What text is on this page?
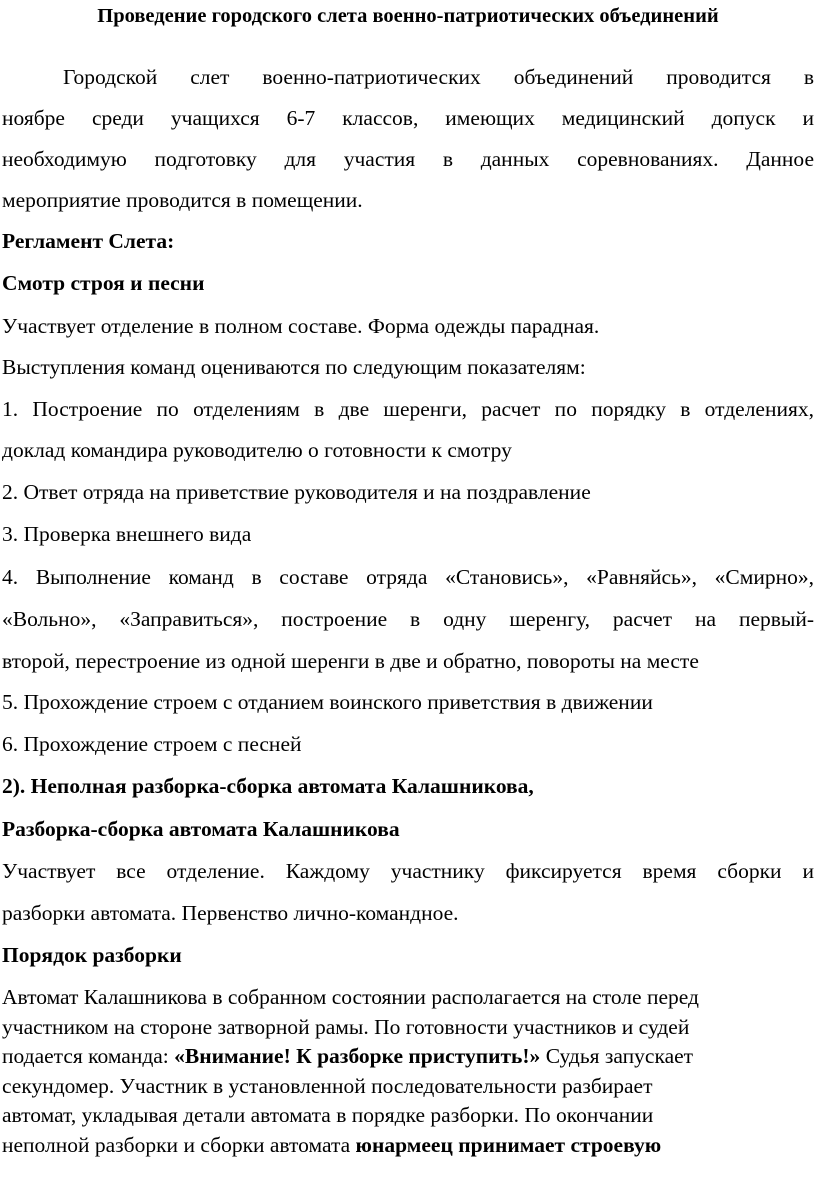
Проведение городского слета военно-патриотических объединений
Городской слет военно-патриотических объединений проводится в
ноябре среди учащихся 6-7 классов, имеющих медицинский допуск и
необходимую подготовку для участия в данных соревнованиях. Данное
мероприятие проводится в помещении.
Регламент Слета:
Смотр строя и песни
Участвует отделение в полном составе. Форма одежды парадная.
Выступления команд оцениваются по следующим показателям:
1. Построение по отделениям в две шеренги, расчет по порядку в отделениях,
доклад командира руководителю о готовности к смотру
2. Ответ отряда на приветствие руководителя и на поздравление
3. Проверка внешнего вида
4. Выполнение команд в составе отряда «Становись», «Равняйсь», «Смирно»,
«Вольно», «Заправиться», построение в одну шеренгу, расчет на первый-
второй, перестроение из одной шеренги в две и обратно, повороты на месте
5. Прохождение строем с отданием воинского приветствия в движении
6. Прохождение строем с песней
2). Неполная разборка-сборка автомата Калашникова,
Разборка-сборка автомата Калашникова
Участвует все отделение. Каждому участнику фиксируется время сборки и
разборки автомата. Первенство лично-командное.
Порядок разборки
Автомат Калашникова в собранном состоянии располагается на столе перед
участником на стороне затворной рамы. По готовности участников и судей
подается команда: «Внимание! К разборке приступить!» Судья запускает
секундомер. Участник в установленной последовательности разбирает
автомат, укладывая детали автомата в порядке разборки. По окончании
неполной разборки и сборки автомата юнармеец принимает строевую
